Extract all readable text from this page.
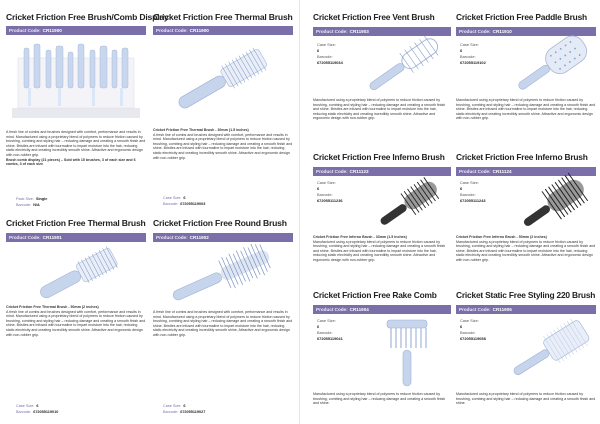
Cricket Friction Free Brush/Comb Display
Product Code: CR11900

A fresh line of combs and brushes designed with comfort, performance and results in mind. Manufactured using a proprietary blend of polymers to reduce friction caused by brushing, combing and styling hair – reducing damage and creating a smooth finish and shine. Bristles are infused with tourmaline to impart moisture into the hair, reducing static electricity and creating incredibly smooth shine. Attractive and ergonomic design with non-rubber grip.

Brush comb display (21 pieces) – Sold with 15 brushes, 3 of each size and 6 combs, 3 of each size

Pack Size: Single
Barcode: N/A
Cricket Friction Free Thermal Brush
Product Code: CR11901

Cricket Friction Free Thermal Brush - 50mm (2 inches)

A fresh line of combs and brushes designed with comfort, performance and results in mind. Manufactured using a proprietary blend of polymers to reduce friction caused by brushing, combing and styling hair – reducing damage and creating a smooth finish and shine. Bristles are infused with tourmaline to impart moisture into the hair, reducing static electricity and creating incredibly smooth shine. Attractive and ergonomic design with non-rubber grip.

Case Size: 6
Barcode: 672055119010
Cricket Friction Free Thermal Brush
Product Code: CR11900

Cricket Friction Free Thermal Brush - 30mm (1.5 inches)

A fresh line of combs and brushes designed with comfort, performance and results in mind. Manufactured using a proprietary blend of polymers to reduce friction caused by brushing, combing and styling hair – reducing damage and creating a smooth finish and shine. Bristles are infused with tourmaline to impart moisture into the hair, reducing static electricity and creating incredibly smooth shine. Attractive and ergonomic design with non-rubber grip.

Case Size: 6
Barcode: 672055119003
Cricket Friction Free Round Brush
Product Code: CR11902

A fresh line of combs and brushes designed with comfort, performance and results in mind. Manufactured using a proprietary blend of polymers to reduce friction caused by brushing, combing and styling hair – reducing damage and creating a smooth finish and shine. Bristles are infused with tourmaline to impart moisture into the hair, reducing static electricity and creating incredibly smooth shine. Attractive and ergonomic design with non-rubber grip.

Case Size: 6
Barcode: 672055119027
Cricket Friction Free Vent Brush
Product Code: CR11903
Case Size:
6
Barcode:
672055119034
Manufactured using a proprietary blend of polymers to reduce friction caused by brushing, combing and styling hair – reducing damage and creating a smooth finish and shine. Bristles are infused with tourmaline to impart moisture into the hair, reducing static electricity and creating incredibly smooth shine. Attractive and ergonomic design with non-rubber grip.
Cricket Friction Free Inferno Brush
Product Code: CR11123
Case Size:
6
Barcode:
672055111236

Cricket Friction Free Inferno Brush - 33mm (1.5 inches)

Manufactured using a proprietary blend of polymers to reduce friction caused by brushing, combing and styling hair – reducing damage and creating a smooth finish and shine. Bristles are infused with tourmaline to impart moisture into the hair, reducing static electricity and creating incredibly smooth shine. Attractive and ergonomic design with non-rubber grip.

Cricket Friction Free Rake Comb
Product Code: CR11904
Case Size:
6
Barcode:
672055119041
Manufactured using a proprietary blend of polymers to reduce friction caused by brushing, combing and styling hair – reducing damage and creating a smooth finish and shine.
Cricket Friction Free Paddle Brush
Product Code: CR11910
Case Size:
6
Barcode:
672055119102
Manufactured using a proprietary blend of polymers to reduce friction caused by brushing, combing and styling hair – reducing damage and creating a smooth finish and shine. Bristles are infused with tourmaline to impart moisture into the hair, reducing static electricity and creating incredibly smooth shine. Attractive and ergonomic design with non-rubber grip.
Cricket Friction Free Inferno Brush
Product Code: CR11124
Case Size:
6
Barcode:
672055111243

Cricket Friction Free Inferno Brush - 50mm (2 inches)

Manufactured using a proprietary blend of polymers to reduce friction caused by brushing, combing and styling hair – reducing damage and creating a smooth finish and shine. Bristles are infused with tourmaline to impart moisture into the hair, reducing static electricity and creating incredibly smooth shine. Attractive and ergonomic design with non-rubber grip.

Cricket Static Free Styling 220 Brush
Product Code: CR11905
Case Size:
6
Barcode:
672055119058
Manufactured using a proprietary blend of polymers to reduce friction caused by brushing, combing and styling hair – reducing damage and creating a smooth finish and shine.
